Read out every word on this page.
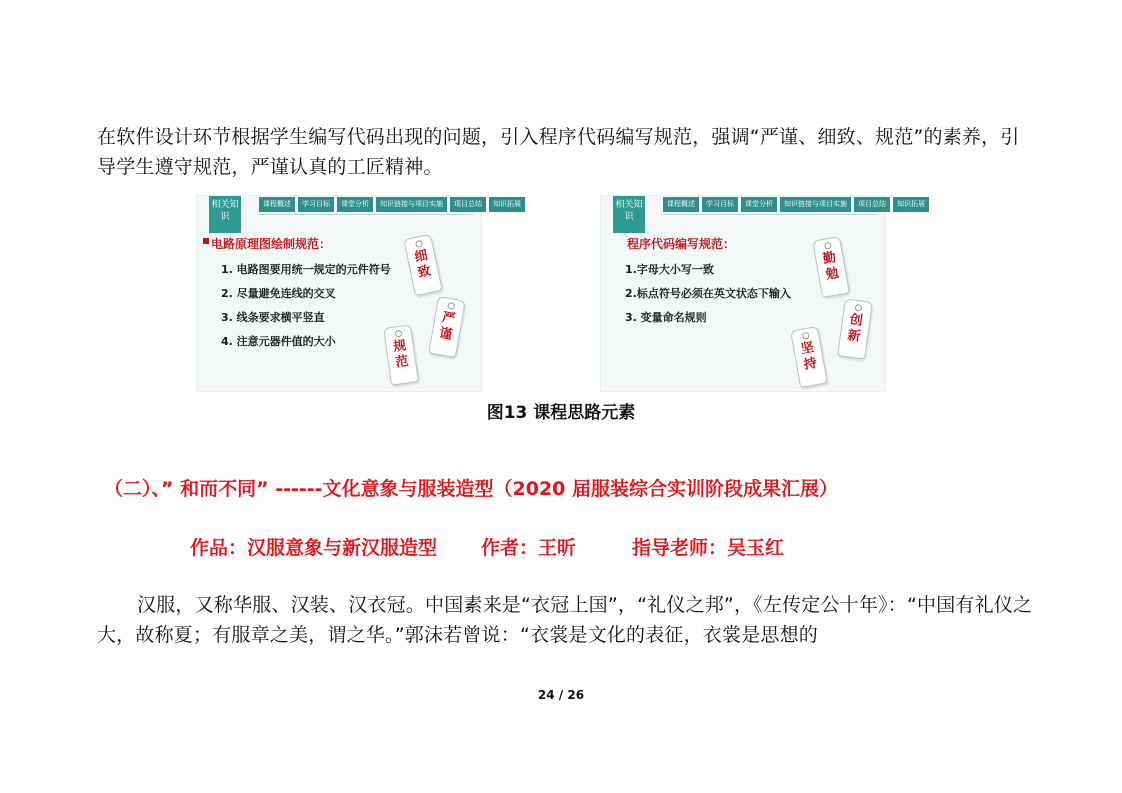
在软件设计环节根据学生编写代码出现的问题，引入程序代码编写规范，强调“严谨、细致、规范”的素养，引导学生遵守规范，严谨认真的工匠精神。
相关知识
课程概述	学习目标	课堂分析	知识链接与项目实施	项目总结	知识拓展
电路原理图绘制规范：
1. 电路图要用统一规定的元件符号
2. 尽量避免连线的交叉
3. 线条要求横平竖直
4. 注意元器件值的大小
细致
严谨
规范
相关知识
课程概述	学习目标	课堂分析	知识链接与项目实施	项目总结	知识拓展
程序代码编写规范：
1.字母大小写一致
2.标点符号必须在英文状态下输入
3. 变量命名规则
勤勉
创新
坚持
图13 课程思路元素
（二）、” 和而不同” ------文化意象与服装造型（2020 届服装综合实训阶段成果汇展）
作品：汉服意象与新汉服造型 作者：王昕	指导老师：吴玉红
汉服，又称华服、汉装、汉衣冠。中国素来是“衣冠上国”，“礼仪之邦”，《左传定公十年》：“中国有礼仪之大，故称夏；有服章之美，谓之华。”郭沫若曾说：“衣裳是文化的表征，衣裳是思想的
24 / 26
